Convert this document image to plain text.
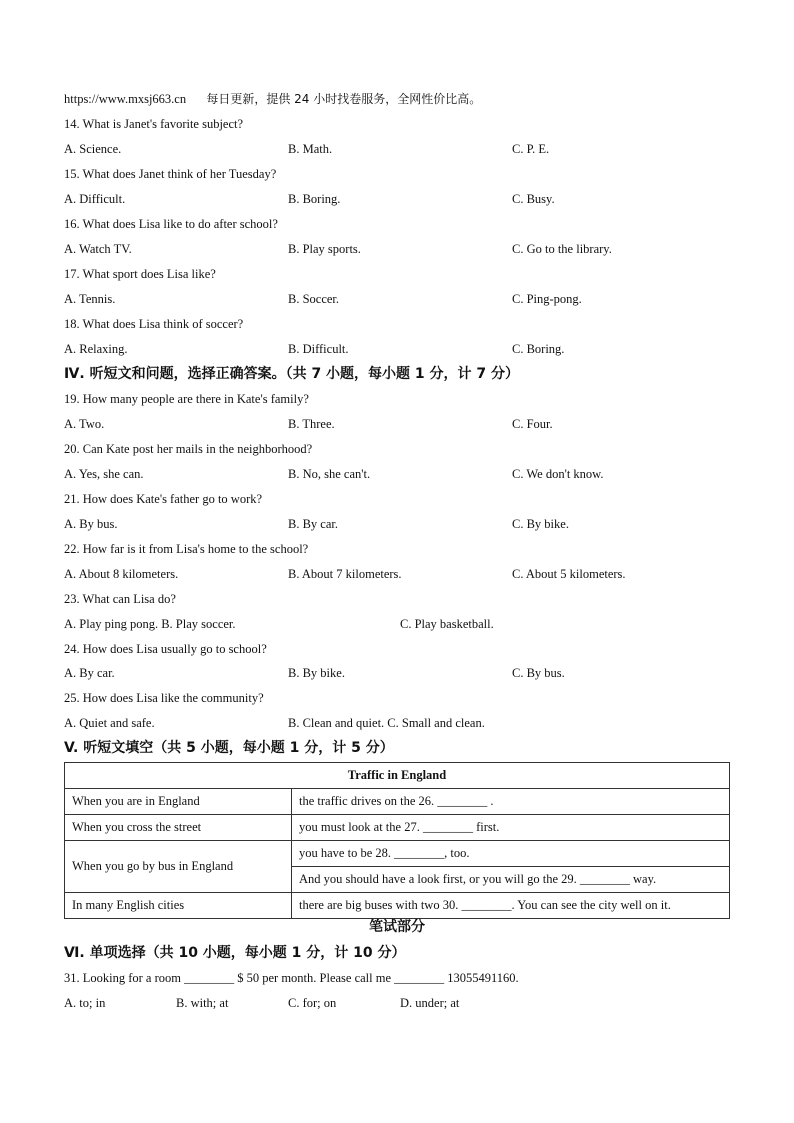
https://www.mxsj663.cn 每日更新，提供 24 小时找卷服务，全网性价比高。
14. What is Janet's favorite subject?
A. Science.	B. Math.	C. P. E.
15. What does Janet think of her Tuesday?
A. Difficult.	B. Boring.	C. Busy.
16. What does Lisa like to do after school?
A. Watch TV.	B. Play sports.	C. Go to the library.
17. What sport does Lisa like?
A. Tennis.	B. Soccer.	C. Ping-pong.
18. What does Lisa think of soccer?
A. Relaxing.	B. Difficult.	C. Boring.
Ⅳ. 听短文和问题，选择正确答案。（共 7 小题，每小题 1 分，计 7 分）
19. How many people are there in Kate's family?
A. Two.	B. Three.	C. Four.
20. Can Kate post her mails in the neighborhood?
A. Yes, she can.	B. No, she can't.	C. We don't know.
21. How does Kate's father go to work?
A. By bus.	B. By car.	C. By bike.
22. How far is it from Lisa's home to the school?
A. About 8 kilometers.	B. About 7 kilometers.	C. About 5 kilometers.
23. What can Lisa do?
A. Play ping pong. B. Play soccer.	C. Play basketball.
24. How does Lisa usually go to school?
A. By car.	B. By bike.	C. By bus.
25. How does Lisa like the community?
A. Quiet and safe.	B. Clean and quiet. C. Small and clean.
V. 听短文填空（共 5 小题，每小题 1 分，计 5 分）
Traffic in England	
When you are in England	the traffic drives on the 26. ________ .
When you cross the street	you must look at the 27. ________ first.
When you go by bus in England	you have to be 28. ________, too.
	And you should have a look first, or you will go the 29. ________ way.
In many English cities	there are big buses with two 30. ________. You can see the city well on it.
笔试部分
Ⅵ. 单项选择（共 10 小题，每小题 1 分，计 10 分）
31. Looking for a room ________ $ 50 per month. Please call me ________ 13055491160.
A. to; in	B. with; at	C. for; on	D. under; at
